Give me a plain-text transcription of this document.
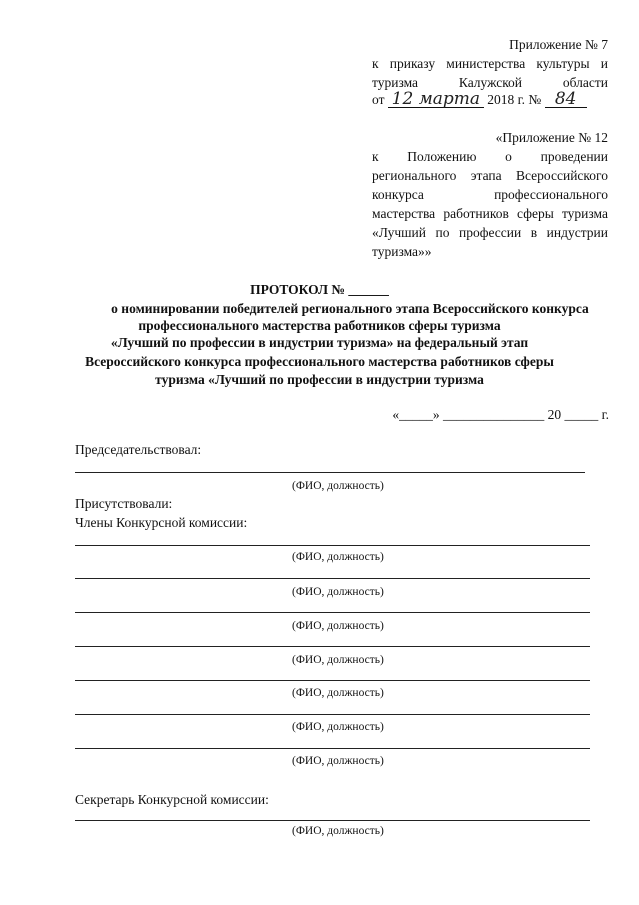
Приложение № 7
к приказу министерства культуры и
туризма Калужской области
от 12 марта 2018 г. № 84
«Приложение № 12
к Положению о проведении
регионального этапа Всероссийского
конкурса профессионального
мастерства работников сферы туризма
«Лучший по профессии в индустрии
туризма»»
ПРОТОКОЛ № ______
о номинировании победителей регионального этапа Всероссийского конкурса
профессионального мастерства работников сферы туризма
«Лучший по профессии в индустрии туризма» на федеральный этап
Всероссийского конкурса профессионального мастерства работников сферы
туризма «Лучший по профессии в индустрии туризма
«_____» _______________ 20 _____ г.
Председательствовал:
(ФИО, должность)
Присутствовали:
Члены Конкурсной комиссии:
(ФИО, должность)
(ФИО, должность)
(ФИО, должность)
(ФИО, должность)
(ФИО, должность)
(ФИО, должность)
(ФИО, должность)
Секретарь Конкурсной комиссии:
(ФИО, должность)
